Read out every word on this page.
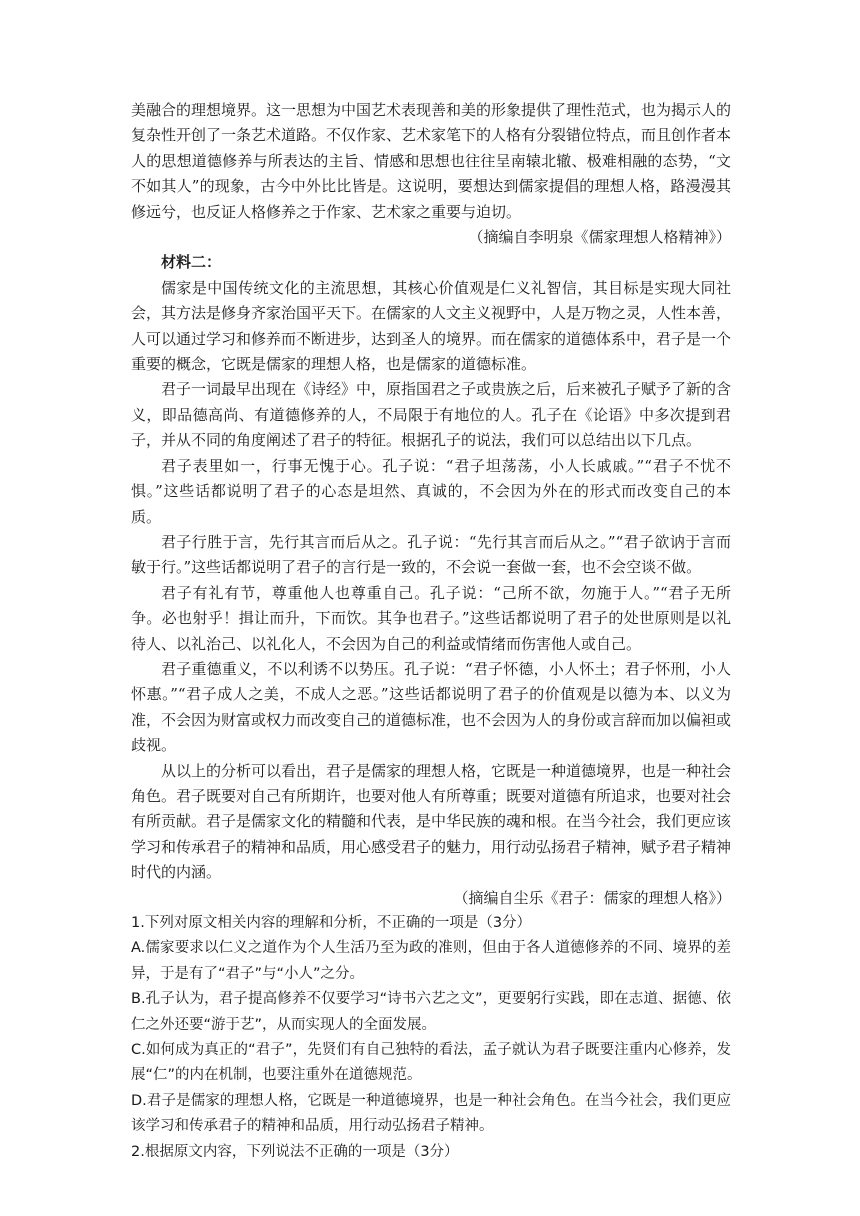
美融合的理想境界。这一思想为中国艺术表现善和美的形象提供了理性范式，也为揭示人的复杂性开创了一条艺术道路。不仅作家、艺术家笔下的人格有分裂错位特点，而且创作者本人的思想道德修养与所表达的主旨、情感和思想也往往呈南辕北辙、极难相融的态势，“文不如其人”的现象，古今中外比比皆是。这说明，要想达到儒家提倡的理想人格，路漫漫其修远兮，也反证人格修养之于作家、艺术家之重要与迫切。

（摘编自李明泉《儒家理想人格精神》）

材料二：

儒家是中国传统文化的主流思想，其核心价值观是仁义礼智信，其目标是实现大同社会，其方法是修身齐家治国平天下。在儒家的人文主义视野中，人是万物之灵，人性本善，人可以通过学习和修养而不断进步，达到圣人的境界。而在儒家的道德体系中，君子是一个重要的概念，它既是儒家的理想人格，也是儒家的道德标准。

君子一词最早出现在《诗经》中，原指国君之子或贵族之后，后来被孔子赋予了新的含义，即品德高尚、有道德修养的人，不局限于有地位的人。孔子在《论语》中多次提到君子，并从不同的角度阐述了君子的特征。根据孔子的说法，我们可以总结出以下几点。

君子表里如一，行事无愧于心。孔子说：“君子坦荡荡，小人长戚戚。”“君子不忧不惧。”这些话都说明了君子的心态是坦然、真诚的，不会因为外在的形式而改变自己的本质。

君子行胜于言，先行其言而后从之。孔子说：“先行其言而后从之。”“君子欲讷于言而敏于行。”这些话都说明了君子的言行是一致的，不会说一套做一套，也不会空谈不做。

君子有礼有节，尊重他人也尊重自己。孔子说：“己所不欲，勿施于人。”“君子无所争。必也射乎！揖让而升，下而饮。其争也君子。”这些话都说明了君子的处世原则是以礼待人、以礼治己、以礼化人，不会因为自己的利益或情绪而伤害他人或自己。

君子重德重义，不以利诱不以势压。孔子说：“君子怀德，小人怀土；君子怀刑，小人怀惠。”“君子成人之美，不成人之恶。”这些话都说明了君子的价值观是以德为本、以义为准，不会因为财富或权力而改变自己的道德标准，也不会因为人的身份或言辞而加以偏袒或歧视。

从以上的分析可以看出，君子是儒家的理想人格，它既是一种道德境界，也是一种社会角色。君子既要对自己有所期许，也要对他人有所尊重；既要对道德有所追求，也要对社会有所贡献。君子是儒家文化的精髓和代表，是中华民族的魂和根。在当今社会，我们更应该学习和传承君子的精神和品质，用心感受君子的魅力，用行动弘扬君子精神，赋予君子精神时代的内涵。

（摘编自尘乐《君子：儒家的理想人格》）

1.下列对原文相关内容的理解和分析，不正确的一项是（3分）

A.儒家要求以仁义之道作为个人生活乃至为政的准则，但由于各人道德修养的不同、境界的差异，于是有了“君子”与“小人”之分。

B.孔子认为，君子提高修养不仅要学习“诗书六艺之文”，更要躬行实践，即在志道、据德、依仁之外还要“游于艺”，从而实现人的全面发展。

C.如何成为真正的“君子”，先贤们有自己独特的看法，孟子就认为君子既要注重内心修养，发展“仁”的内在机制，也要注重外在道德规范。

D.君子是儒家的理想人格，它既是一种道德境界，也是一种社会角色。在当今社会，我们更应该学习和传承君子的精神和品质，用行动弘扬君子精神。

2.根据原文内容，下列说法不正确的一项是（3分）
